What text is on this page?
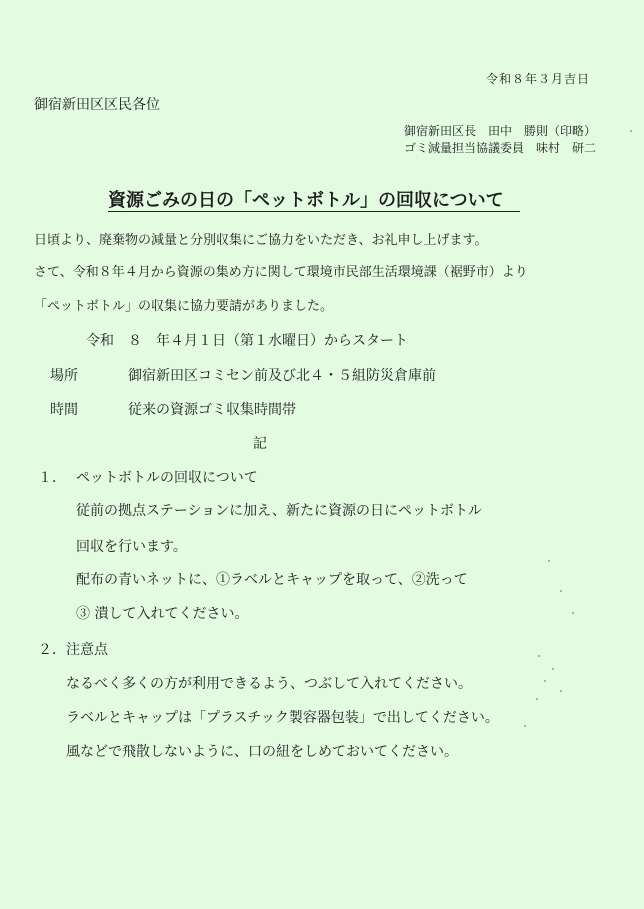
令和８年３月吉日
御宿新田区区民各位
御宿新田区長　田中　勝則（印略）
ゴミ減量担当協議委員　味村　研二
資源ごみの日の「ペットボトル」の回収について
日頃より、廃棄物の減量と分別収集にご協力をいただき、お礼申し上げます。
さて、令和８年４月から資源の集め方に関して環境市民部生活環境課（裾野市）より
「ペットボトル」の収集に協力要請がありました。
令和　８　年４月１日（第１水曜日）からスタート
場所	御宿新田区コミセン前及び北４・５組防災倉庫前
時間	従来の資源ゴミ収集時間帯
記
１． ペットボトルの回収について
従前の拠点ステーションに加え、新たに資源の日にペットボトル
回収を行います。
配布の青いネットに、①ラベルとキャップを取って、②洗って
③ 潰して入れてください。
２．注意点
なるべく多くの方が利用できるよう、つぶして入れてください。
ラベルとキャップは「プラスチック製容器包装」で出してください。
風などで飛散しないように、口の紐をしめておいてください。
